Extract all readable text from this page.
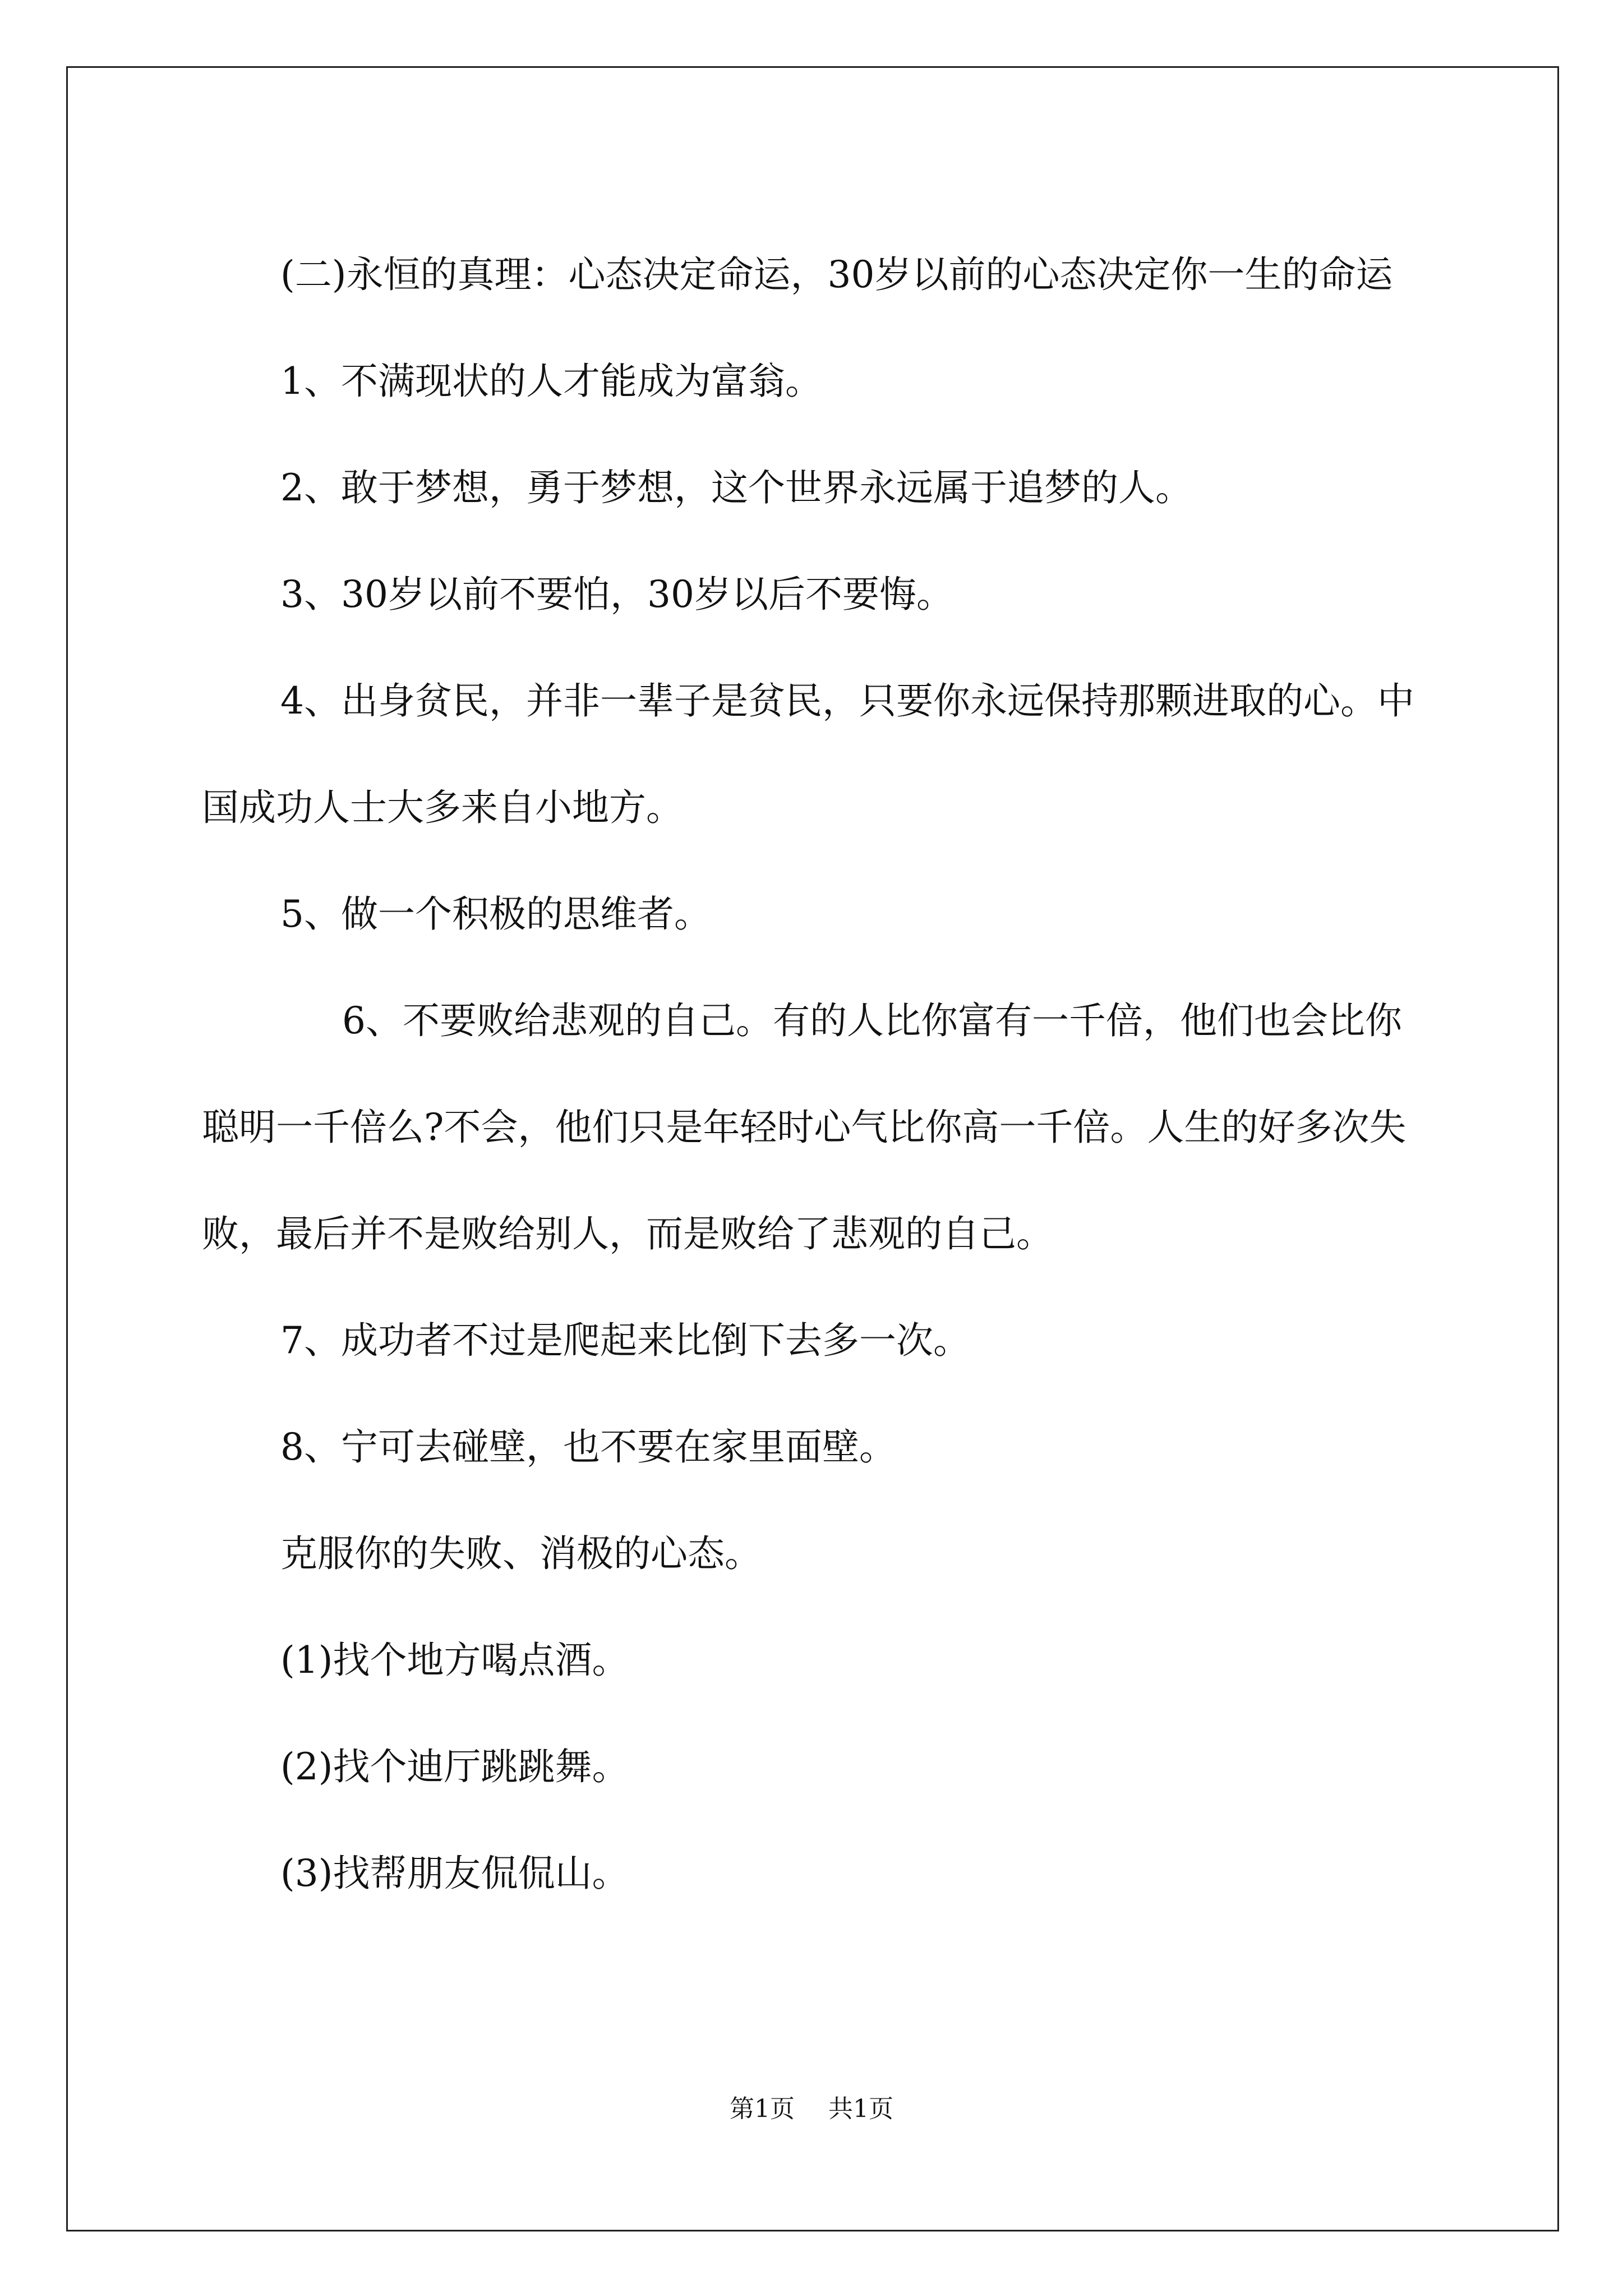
(二)永恒的真理：心态决定命运，30岁以前的心态决定你一生的命运

1、不满现状的人才能成为富翁。

2、敢于梦想，勇于梦想，这个世界永远属于追梦的人。

3、30岁以前不要怕，30岁以后不要悔。

4、出身贫民，并非一辈子是贫民，只要你永远保持那颗进取的心。中国成功人士大多来自小地方。

5、做一个积极的思维者。

6、不要败给悲观的自己。有的人比你富有一千倍，他们也会比你聪明一千倍么?不会，他们只是年轻时心气比你高一千倍。人生的好多次失败，最后并不是败给别人，而是败给了悲观的自己。

7、成功者不过是爬起来比倒下去多一次。

8、宁可去碰壁，也不要在家里面壁。

克服你的失败、消极的心态。

(1)找个地方喝点酒。

(2)找个迪厅跳跳舞。

(3)找帮朋友侃侃山。

第1页 共1页
